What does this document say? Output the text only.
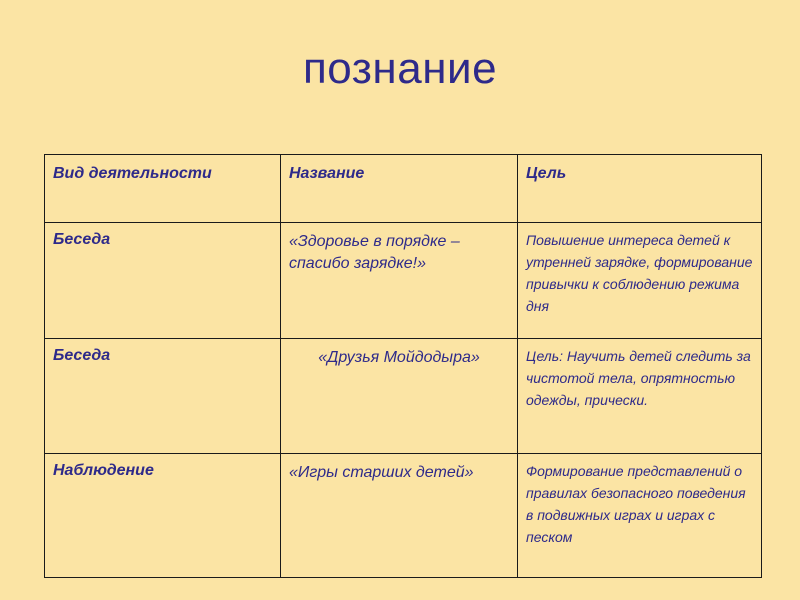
познание
Вид деятельности	Название	Цель
Беседа	«Здоровье в порядке – спасибо зарядке!»	Повышение интереса детей к утренней зарядке, формирование привычки к соблюдению режима дня
Беседа	«Друзья Мойдодыра»	Цель: Научить детей следить за чистотой тела, опрятностью одежды, прически.
Наблюдение	«Игры старших детей»	Формирование представлений о правилах безопасного поведения в подвижных играх и играх с песком
